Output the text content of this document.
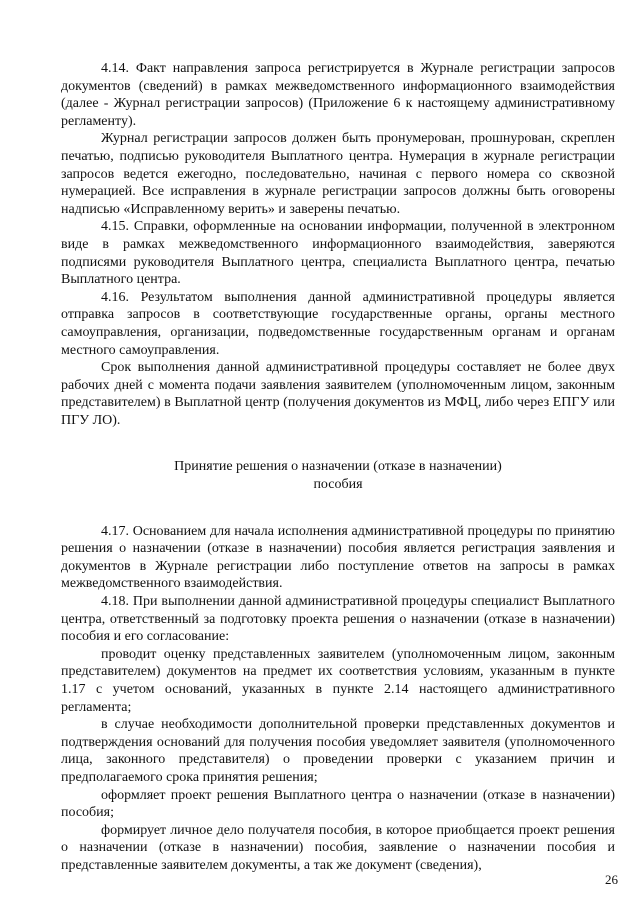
4.14. Факт направления запроса регистрируется в Журнале регистрации запросов документов (сведений) в рамках межведомственного информационного взаимодействия (далее - Журнал регистрации запросов) (Приложение 6 к настоящему административному регламенту).

Журнал регистрации запросов должен быть пронумерован, прошнурован, скреплен печатью, подписью руководителя Выплатного центра. Нумерация в журнале регистрации запросов ведется ежегодно, последовательно, начиная с первого номера со сквозной нумерацией. Все исправления в журнале регистрации запросов должны быть оговорены надписью «Исправленному верить» и заверены печатью.

4.15. Справки, оформленные на основании информации, полученной в электронном виде в рамках межведомственного информационного взаимодействия, заверяются подписями руководителя Выплатного центра, специалиста Выплатного центра, печатью Выплатного центра.

4.16. Результатом выполнения данной административной процедуры является отправка запросов в соответствующие государственные органы, органы местного самоуправления, организации, подведомственные государственным органам и органам местного самоуправления.

Срок выполнения данной административной процедуры составляет не более двух рабочих дней с момента подачи заявления заявителем (уполномоченным лицом, законным представителем) в Выплатной центр (получения документов из МФЦ, либо через ЕПГУ или ПГУ ЛО).

Принятие решения о назначении (отказе в назначении)
пособия

4.17. Основанием для начала исполнения административной процедуры по принятию решения о назначении (отказе в назначении) пособия является регистрация заявления и документов в Журнале регистрации либо поступление ответов на запросы в рамках межведомственного взаимодействия.

4.18. При выполнении данной административной процедуры специалист Выплатного центра, ответственный за подготовку проекта решения о назначении (отказе в назначении) пособия и его согласование:

проводит оценку представленных заявителем (уполномоченным лицом, законным представителем) документов на предмет их соответствия условиям, указанным в пункте 1.17 с учетом оснований, указанных в пункте 2.14 настоящего административного регламента;

в случае необходимости дополнительной проверки представленных документов и подтверждения оснований для получения пособия уведомляет заявителя (уполномоченного лица, законного представителя) о проведении проверки с указанием причин и предполагаемого срока принятия решения;

оформляет проект решения Выплатного центра о назначении (отказе в назначении) пособия;

формирует личное дело получателя пособия, в которое приобщается проект решения о назначении (отказе в назначении) пособия, заявление о назначении пособия и представленные заявителем документы, а так же документ (сведения),

26
